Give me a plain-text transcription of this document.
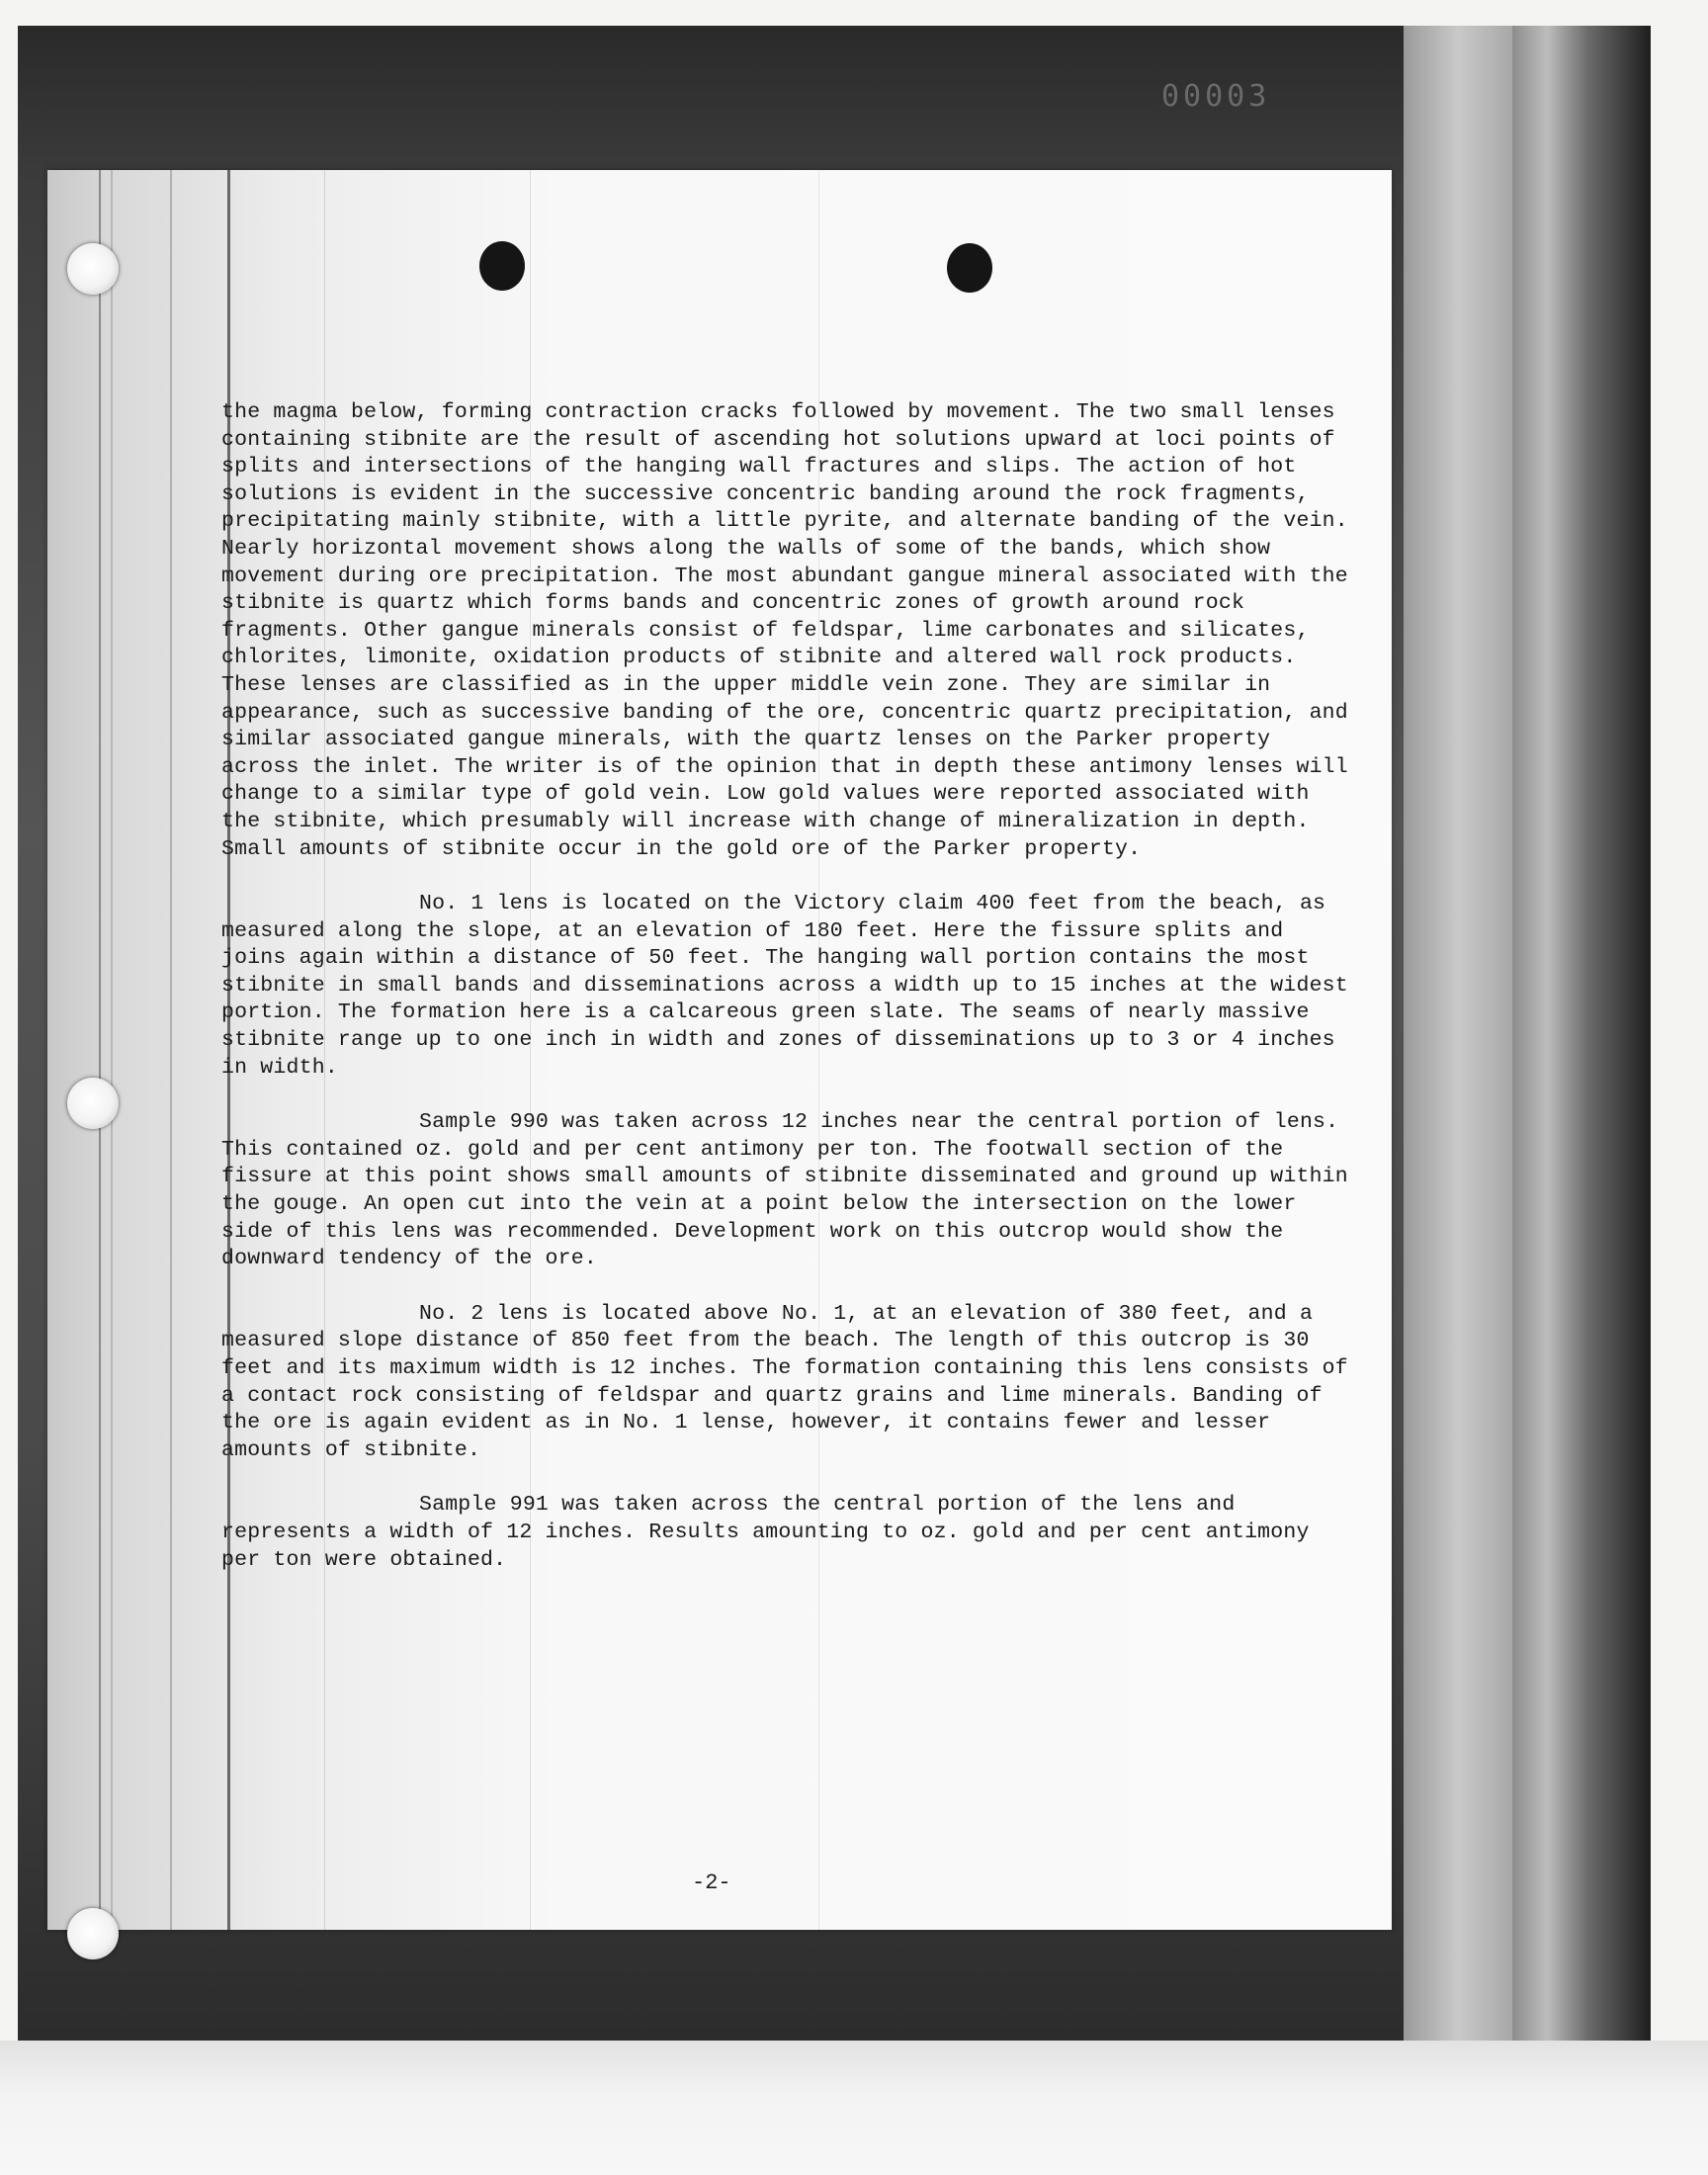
00003

the magma below, forming contraction cracks followed by movement. The two small lenses containing stibnite are the result of ascending hot solutions upward at loci points of splits and intersections of the hanging wall fractures and slips. The action of hot solutions is evident in the successive concentric banding around the rock fragments, precipitating mainly stibnite, with a little pyrite, and alternate banding of the vein. Nearly horizontal movement shows along the walls of some of the bands, which show movement during ore precipitation. The most abundant gangue mineral associated with the stibnite is quartz which forms bands and concentric zones of growth around rock fragments. Other gangue minerals consist of feldspar, lime carbonates and silicates, chlorites, limonite, oxidation products of stibnite and altered wall rock products. These lenses are classified as in the upper middle vein zone. They are similar in appearance, such as successive banding of the ore, concentric quartz precipitation, and similar associated gangue minerals, with the quartz lenses on the Parker property across the inlet. The writer is of the opinion that in depth these antimony lenses will change to a similar type of gold vein. Low gold values were reported associated with the stibnite, which presumably will increase with change of mineralization in depth. Small amounts of stibnite occur in the gold ore of the Parker property.

No. 1 lens is located on the Victory claim 400 feet from the beach, as measured along the slope, at an elevation of 180 feet. Here the fissure splits and joins again within a distance of 50 feet. The hanging wall portion contains the most stibnite in small bands and disseminations across a width up to 15 inches at the widest portion. The formation here is a calcareous green slate. The seams of nearly massive stibnite range up to one inch in width and zones of disseminations up to 3 or 4 inches in width.

Sample 990 was taken across 12 inches near the central portion of lens. This contained oz. gold and per cent antimony per ton. The footwall section of the fissure at this point shows small amounts of stibnite disseminated and ground up within the gouge. An open cut into the vein at a point below the intersection on the lower side of this lens was recommended. Development work on this outcrop would show the downward tendency of the ore.

No. 2 lens is located above No. 1, at an elevation of 380 feet, and a measured slope distance of 850 feet from the beach. The length of this outcrop is 30 feet and its maximum width is 12 inches. The formation containing this lens consists of a contact rock consisting of feldspar and quartz grains and lime minerals. Banding of the ore is again evident as in No. 1 lense, however, it contains fewer and lesser amounts of stibnite.

Sample 991 was taken across the central portion of the lens and represents a width of 12 inches. Results amounting to oz. gold and per cent antimony per ton were obtained.

-2-
